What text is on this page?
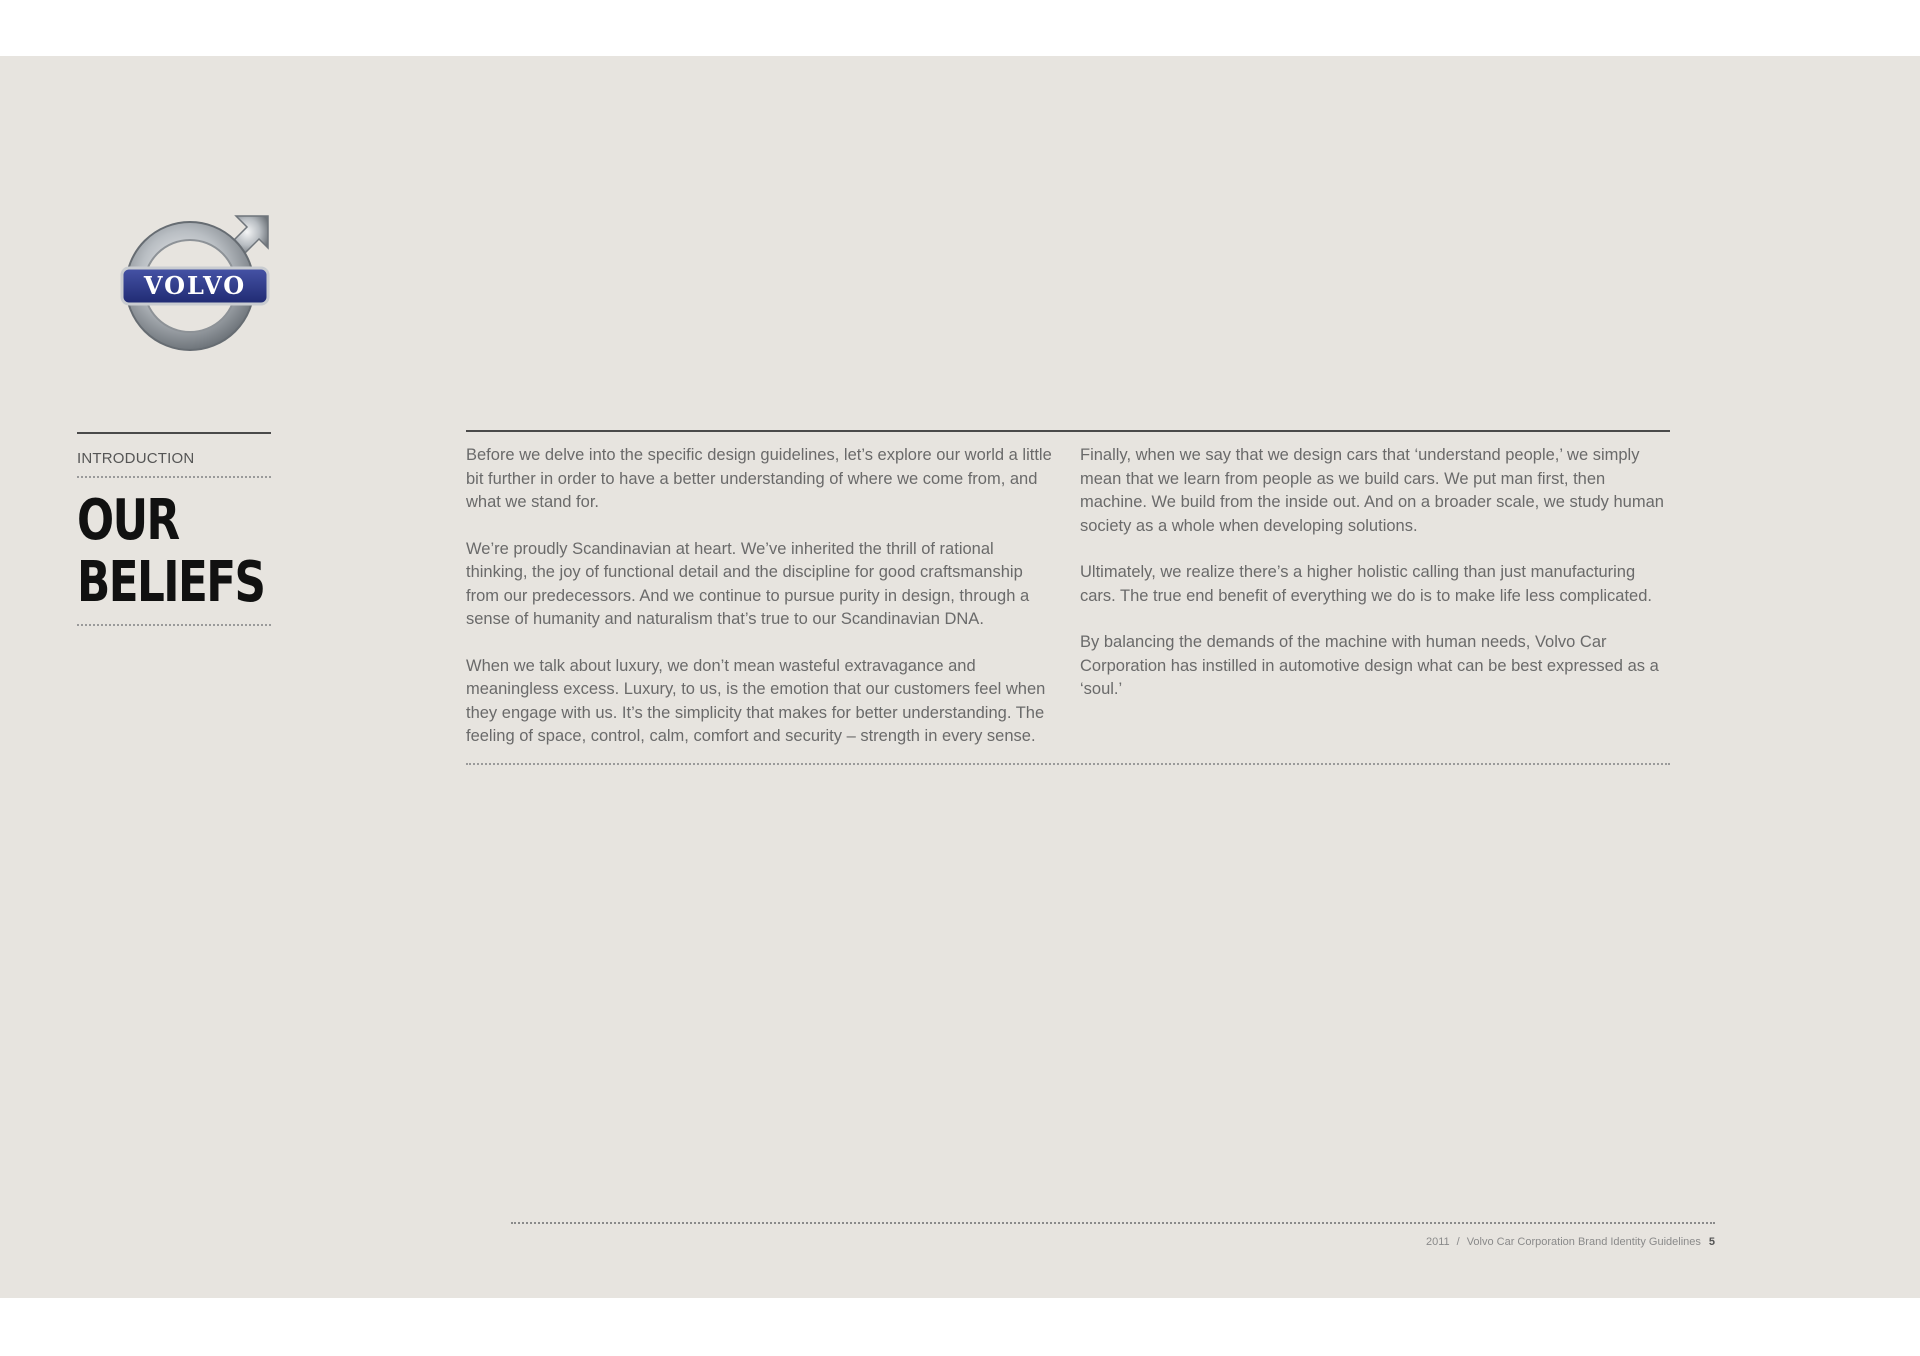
VOLVO
INTRODUCTION
OUR
BELIEFS

Before we delve into the specific design guidelines, let’s explore our world a little bit further in order to have a better understanding of where we come from, and what we stand for.

We’re proudly Scandinavian at heart. We’ve inherited the thrill of rational thinking, the joy of functional detail and the discipline for good craftsmanship from our predecessors. And we continue to pursue purity in design, through a sense of humanity and naturalism that’s true to our Scandinavian DNA.

When we talk about luxury, we don’t mean wasteful extravagance and meaningless excess. Luxury, to us, is the emotion that our customers feel when they engage with us. It’s the simplicity that makes for better understanding. The feeling of space, control, calm, comfort and security – strength in every sense.

Finally, when we say that we design cars that ‘understand people,’ we simply mean that we learn from people as we build cars. We put man first, then machine. We build from the inside out. And on a broader scale, we study human society as a whole when developing solutions.

Ultimately, we realize there’s a higher holistic calling than just manufacturing cars. The true end benefit of everything we do is to make life less complicated.

By balancing the demands of the machine with human needs, Volvo Car Corporation has instilled in automotive design what can be best expressed as a ‘soul.’

2011 / Volvo Car Corporation Brand Identity Guidelines 5
